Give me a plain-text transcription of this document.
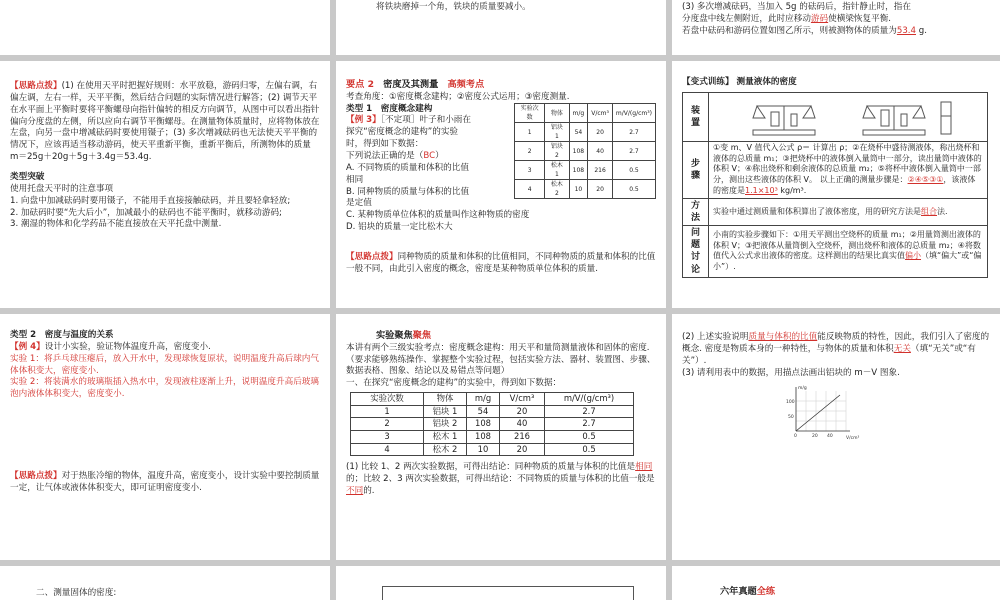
将铁块磨掉一个角，铁块的质量要减小。	(3) 多次增减砝码，当加入 5g 的砝码后，指针静止时，指在

分度盘中线左侧附近，此时应移动游码使横梁恢复平衡.

若盘中砝码和游码位置如图乙所示，则被测物体的质量为53.4 g.

【思路点拨】(1) 在使用天平时把握好规则：水平放稳，游码归零，左偏右调，右偏左调，左右一样，天平平衡，然后结合问题的实际情况进行解答；(2) 调节天平在水平面上平衡时要将平衡螺母向指针偏转的相反方向调节，从图中可以看出指针偏向分度盘的左侧，所以应向右调节平衡螺母。在测量物体质量时，应将物体放在左盘，向另一盘中增减砝码时要使用镊子；(3) 多次增减砝码也无法使天平平衡的情况下，应该再适当移动游码，使天平重新平衡，重新平衡后，所测物体的质量 m＝25g＋20g＋5g＋3.4g＝53.4g.

类型突破

使用托盘天平时的注意事项

1. 向盘中加减砝码时要用镊子，不能用手直接接触砝码，并且要轻拿轻放;

2. 加砝码时要“先大后小”，加减最小的砝码也不能平衡时，就移动游码;

3. 潮湿的物体和化学药品不能直接放在天平托盘中测量.

要点 2　 密度及其测量　 高频考点

考查角度：①密度概念建构；②密度公式运用；③密度测量.

类型 1　密度概念建构

【例 3】［不定项］叶子和小雨在探究“密度概念的建构”的实验时，得到如下数据：

下列说法正确的是（BC）

A. 不同物质的质量和体积的比值相同

B. 同种物质的质量与体积的比值是定值

C. 某种物质单位体积的质量叫作这种物质的密度

D. 铝块的质量一定比松木大

实验次数	物体	m/g	V/cm³	m/V/(g/cm³)
1	铝块 1	54	20	2.7
2	铝块 2	108	40	2.7
3	松木 1	108	216	0.5
4	松木 2	10	20	0.5

【思路点拨】同种物质的质量和体积的比值相同，不同种物质的质量和体积的比值一般不同，由此引入密度的概念，密度是某种物质单位体积的质量.

【变式训练】 测量液体的密度

装置	

步骤	①变 m、V 值代入公式 ρ＝ 计算出 ρ；②在烧杯中盛待测液体，称出烧杯和液体的总质量 m₁；③把烧杯中的液体倒入量筒中一部分，读出量筒中液体的体积 V；④称出烧杯和剩余液体的总质量 m₂；⑤将杯中液体倒入量筒中一部分，测出这些液体的体积 V。 以上正确的测量步骤是：②④⑤③①，该液体的密度是1.1×10³ kg/m³.
方法	实验中通过测质量和体积算出了液体密度，用的研究方法是组合法.
问题讨论	小南的实验步骤如下：①用天平测出空烧杯的质量 m₁；②用量筒测出液体的体积 V；③把液体从量筒倒入空烧杯，测出烧杯和液体的总质量 m₂；④将数值代入公式求出液体的密度。这样测出的结果比真实值偏小（填“偏大”或“偏小”）.

类型 2　密度与温度的关系

【例 4】设计小实验，验证物体温度升高，密度变小.

实验 1：将乒乓球压瘪后，放入开水中，发现球恢复原状，说明温度升高后球内气体体积变大，密度变小.

实验 2：将装满水的玻璃瓶插入热水中，发现液柱逐渐上升，说明温度升高后玻璃泡内液体体积变大，密度变小.

【思路点拨】对于热胀冷缩的物体，温度升高，密度变小，设计实验中要控制质量一定，让气体或液体体积变大，即可证明密度变小.

实验聚焦聚焦

本讲有两个三级实验考点：密度概念建构：用天平和量筒测量液体和固体的密度.（要求能够熟练操作、掌握整个实验过程，包括实验方法、器材、装置图、步骤、数据表格、图象、结论以及易错点等问题）

一、在探究“密度概念的建构”的实验中，得到如下数据：

实验次数	物体	m/g	V/cm³	m/V/(g/cm³)
1	铝块 1	54	20	2.7
2	铝块 2	108	40	2.7
3	松木 1	108	216	0.5
4	松木 2	10	20	0.5

(1) 比较 1、2 两次实验数据，可得出结论：同种物质的质量与体积的比值是相同的；比较 2、3 两次实验数据，可得出结论：不同物质的质量与体积的比值一般是不同的.

(2) 上述实验说明质量与体积的比值能反映物质的特性，因此，我们引入了密度的概念. 密度是物质本身的一种特性，与物体的质量和体积无关（填“无关”或“有关”）.

(3) 请利用表中的数据，用描点法画出铝块的 m－V 图象.

m/g
V/cm³
100
50
0	20 40

二、测量固体的密度:	六年真题全练
